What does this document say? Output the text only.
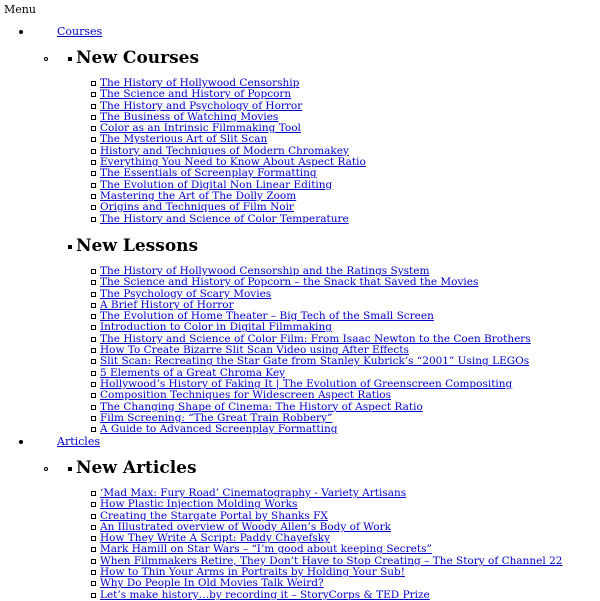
Menu
Courses
New Courses
The History of Hollywood Censorship
The Science and History of Popcorn
The History and Psychology of Horror
The Business of Watching Movies
Color as an Intrinsic Filmmaking Tool
The Mysterious Art of Slit Scan
History and Techniques of Modern Chromakey
Everything You Need to Know About Aspect Ratio
The Essentials of Screenplay Formatting
The Evolution of Digital Non Linear Editing
Mastering the Art of The Dolly Zoom
Origins and Techniques of Film Noir
The History and Science of Color Temperature
New Lessons
The History of Hollywood Censorship and the Ratings System
The Science and History of Popcorn – the Snack that Saved the Movies
The Psychology of Scary Movies
A Brief History of Horror
The Evolution of Home Theater – Big Tech of the Small Screen
Introduction to Color in Digital Filmmaking
The History and Science of Color Film: From Isaac Newton to the Coen Brothers
How To Create Bizarre Slit Scan Video using After Effects
Slit Scan: Recreating the Star Gate from Stanley Kubrick’s “2001” Using LEGOs
5 Elements of a Great Chroma Key
Hollywood’s History of Faking It | The Evolution of Greenscreen Compositing
Composition Techniques for Widescreen Aspect Ratios
The Changing Shape of Cinema: The History of Aspect Ratio
Film Screening: “The Great Train Robbery”
A Guide to Advanced Screenplay Formatting
Articles
New Articles
‘Mad Max: Fury Road’ Cinematography - Variety Artisans
How Plastic Injection Molding Works
Creating the Stargate Portal by Shanks FX
An Illustrated overview of Woody Allen’s Body of Work
How They Write A Script: Paddy Chayefsky
Mark Hamill on Star Wars – “I’m good about keeping Secrets”
When Filmmakers Retire, They Don’t Have to Stop Creating – The Story of Channel 22
How to Thin Your Arms in Portraits by Holding Your Sub!
Why Do People In Old Movies Talk Weird?
Let’s make history…by recording it – StoryCorps & TED Prize
